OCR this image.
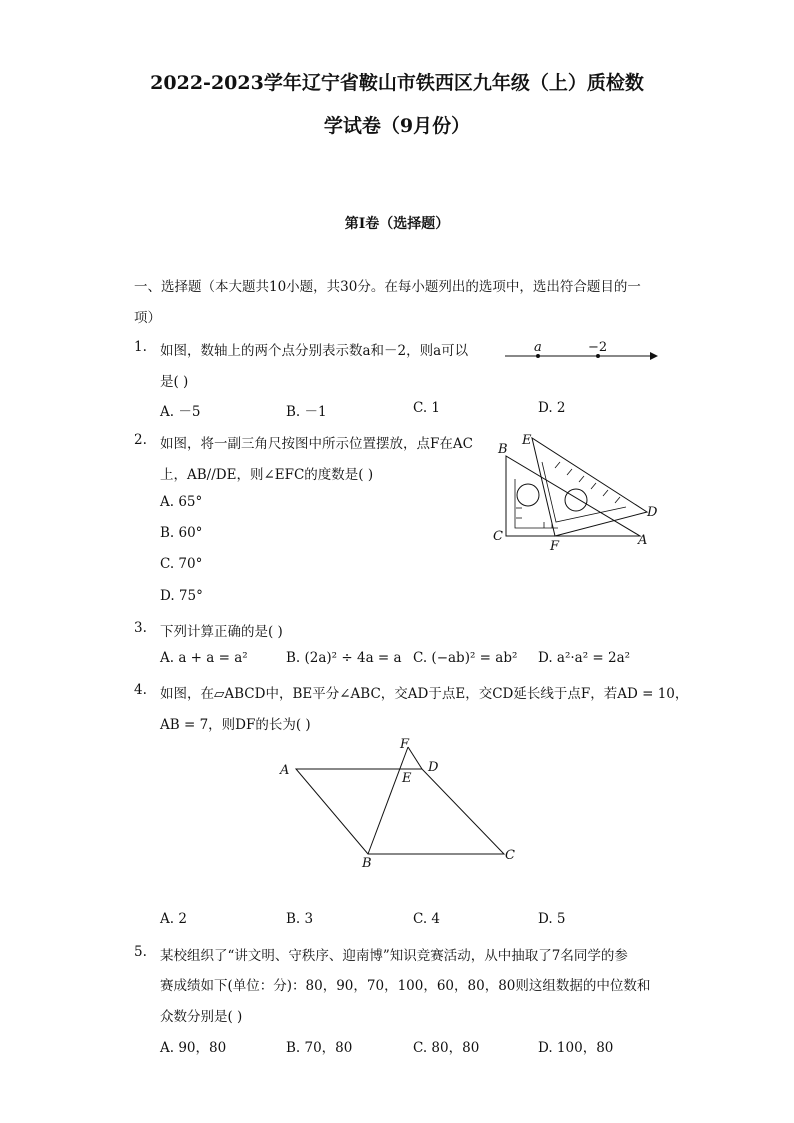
2022-2023学年辽宁省鞍山市铁西区九年级（上）质检数
学试卷（9月份）
第I卷（选择题）
一、选择题（本大题共10小题，共30分。在每小题列出的选项中，选出符合题目的一
项）
1. 如图，数轴上的两个点分别表示数a和－2，则a可以
是( )
a	−2
A. －5	B. －1	C. 1	D. 2
2. 如图，将一副三角尺按图中所示位置摆放，点F在AC
上，AB//DE，则∠EFC的度数是( )
A. 65°
B. 60°
C. 70°
D. 75°
B
E
C
F	A
D
3. 下列计算正确的是( )
A. a + a = a²	B. (2a)² ÷ 4a = a C. (−ab)² = ab² D. a²·a² = 2a²
4. 如图，在▱ABCD中，BE平分∠ABC，交AD于点E，交CD延长线于点F，若AD = 10，
AB = 7，则DF的长为( )
A
B
C
D
E
F
A. 2	B. 3	C. 4	D. 5
5. 某校组织了“讲文明、守秩序、迎南博”知识竞赛活动，从中抽取了7名同学的参
赛成绩如下(单位：分)：80，90，70，100，60，80，80则这组数据的中位数和
众数分别是( )
A. 90，80	B. 70，80	C. 80，80	D. 100，80
